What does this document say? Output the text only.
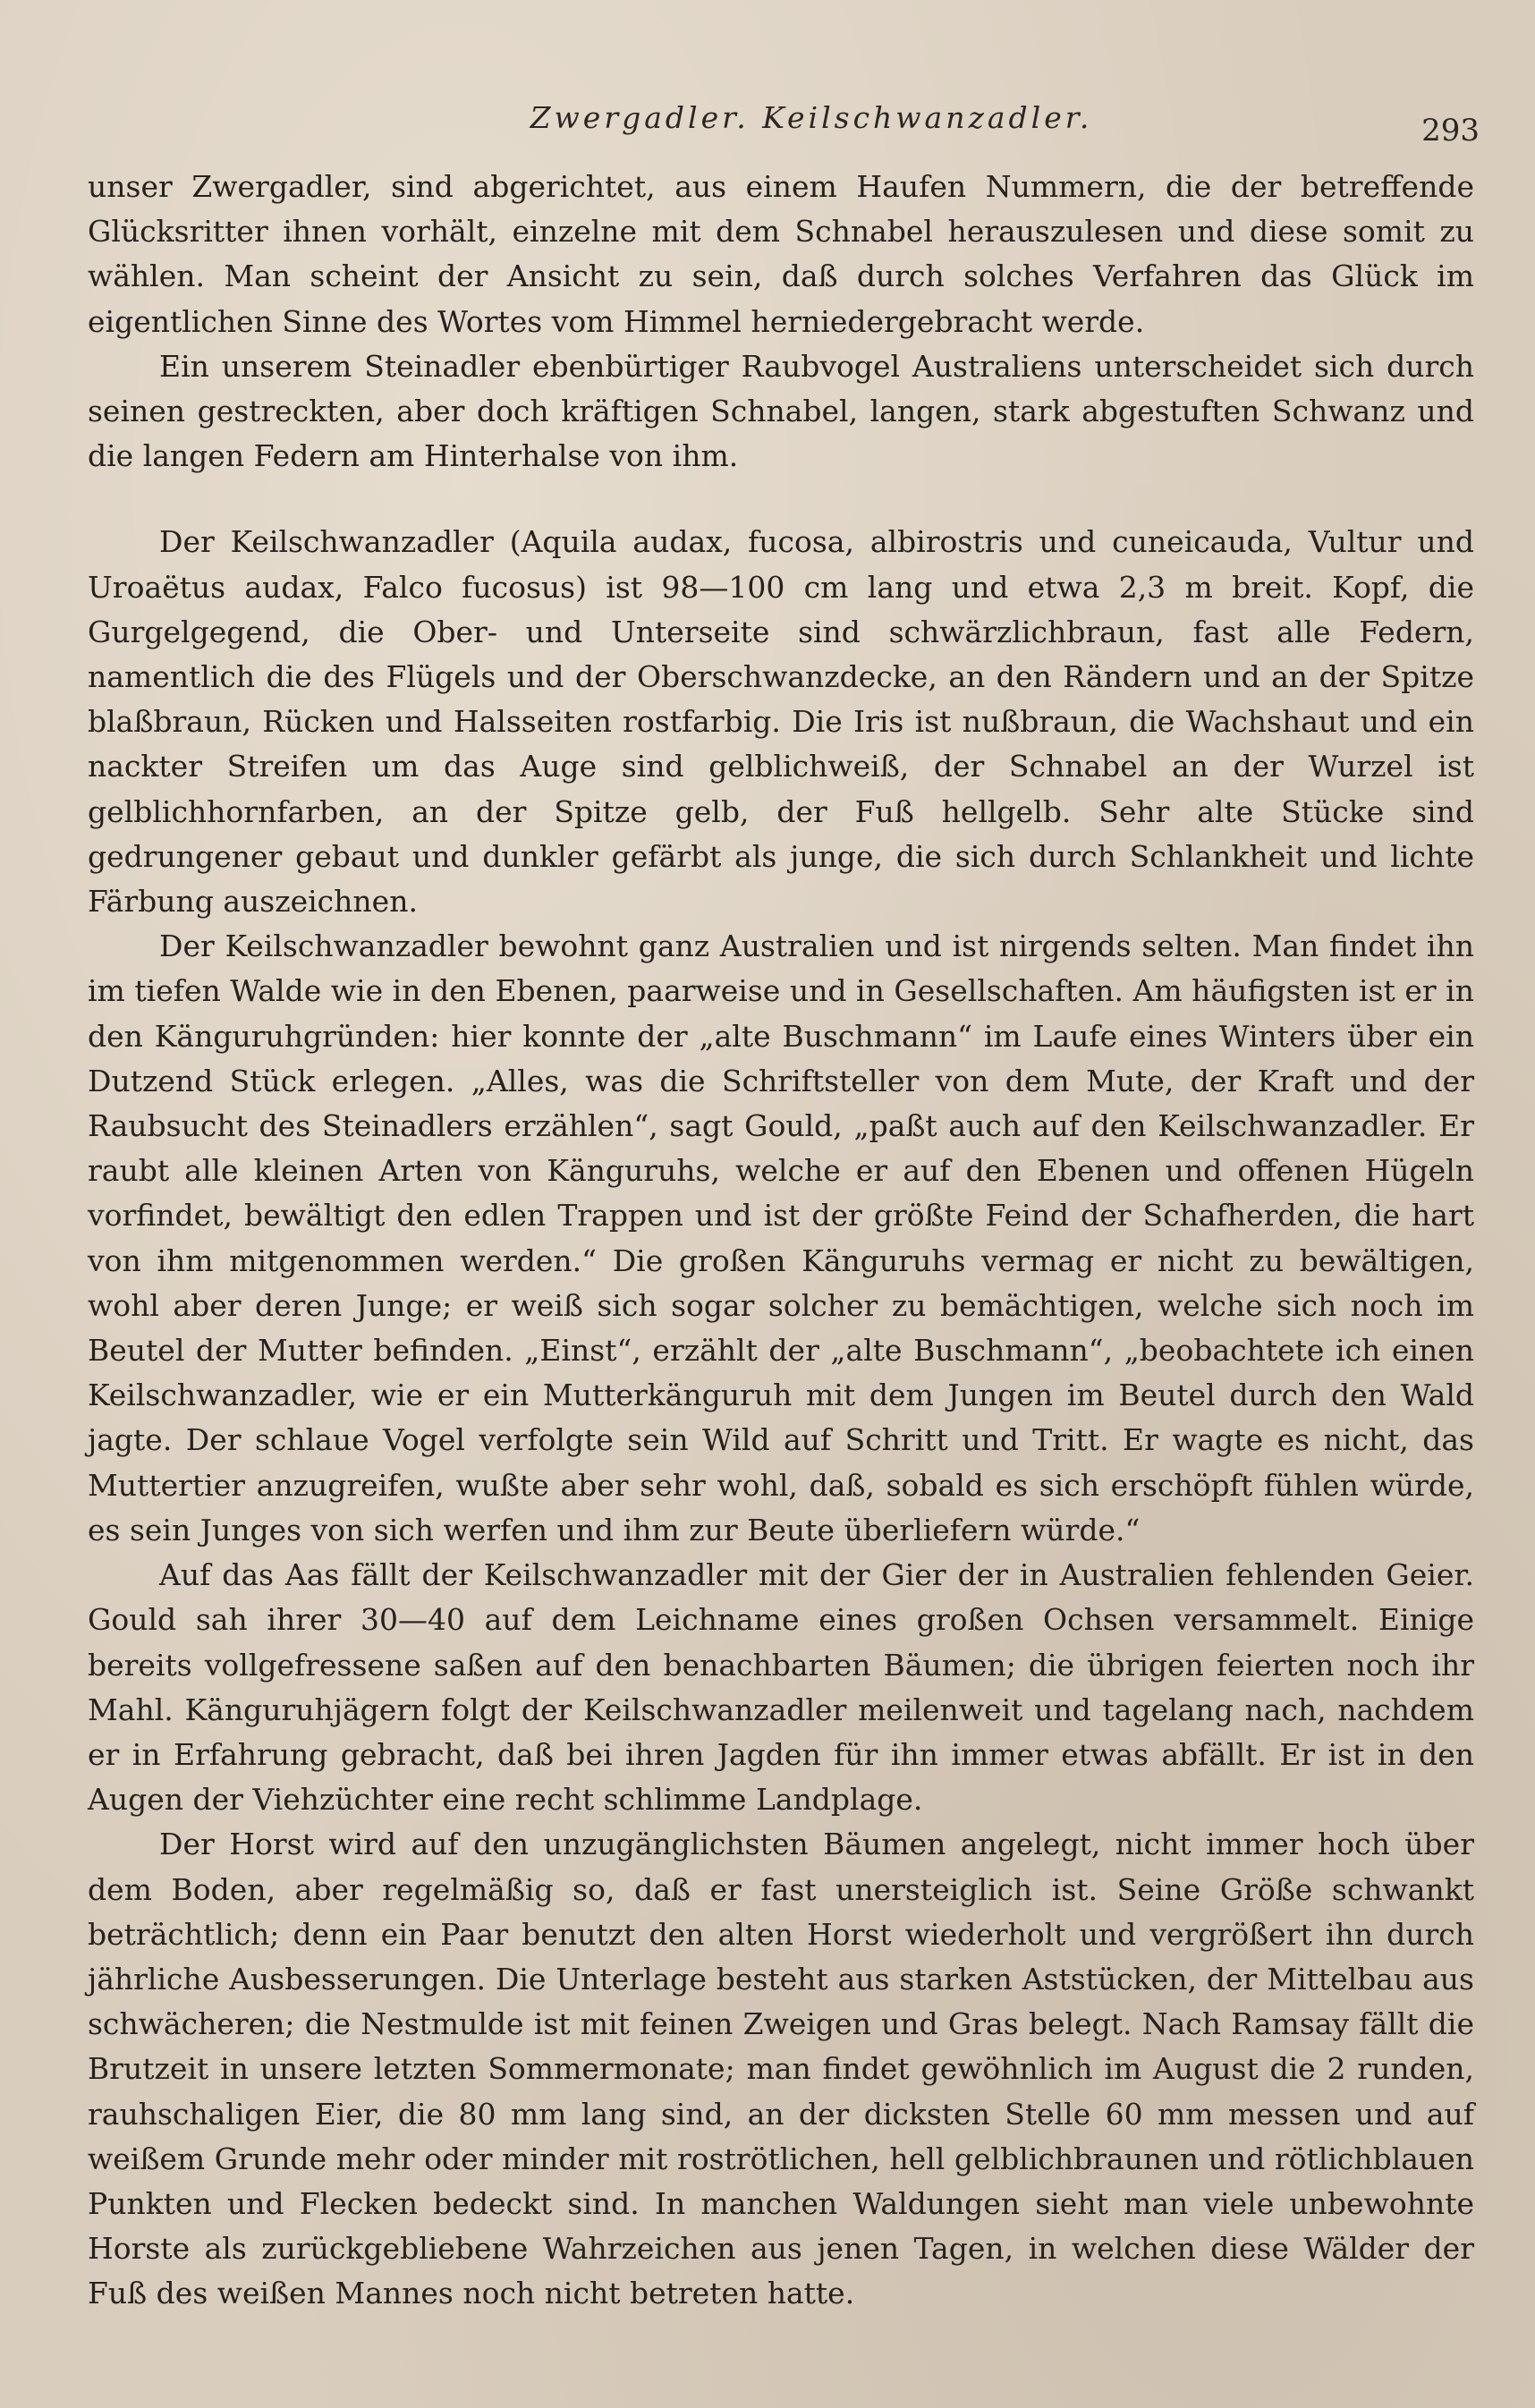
Zwergadler. Keilschwanzadler.	293

unser Zwergadler, sind abgerichtet, aus einem Haufen Nummern, die der betreffende Glücksritter ihnen vorhält, einzelne mit dem Schnabel herauszulesen und diese somit zu wählen. Man scheint der Ansicht zu sein, daß durch solches Verfahren das Glück im eigentlichen Sinne des Wortes vom Himmel herniedergebracht werde.

Ein unserem Steinadler ebenbürtiger Raubvogel Australiens unterscheidet sich durch seinen gestreckten, aber doch kräftigen Schnabel, langen, stark abgestuften Schwanz und die langen Federn am Hinterhalse von ihm.

Der Keilschwanzadler (Aquila audax, fucosa, albirostris und cuneicauda, Vultur und Uroaëtus audax, Falco fucosus) ist 98—100 cm lang und etwa 2,3 m breit. Kopf, die Gurgelgegend, die Ober- und Unterseite sind schwärzlichbraun, fast alle Federn, namentlich die des Flügels und der Oberschwanzdecke, an den Rändern und an der Spitze blaßbraun, Rücken und Halsseiten rostfarbig. Die Iris ist nußbraun, die Wachshaut und ein nackter Streifen um das Auge sind gelblichweiß, der Schnabel an der Wurzel ist gelblichhornfarben, an der Spitze gelb, der Fuß hellgelb. Sehr alte Stücke sind gedrungener gebaut und dunkler gefärbt als junge, die sich durch Schlankheit und lichte Färbung auszeichnen.

Der Keilschwanzadler bewohnt ganz Australien und ist nirgends selten. Man findet ihn im tiefen Walde wie in den Ebenen, paarweise und in Gesellschaften. Am häufigsten ist er in den Känguruhgründen: hier konnte der „alte Buschmann“ im Laufe eines Winters über ein Dutzend Stück erlegen. „Alles, was die Schriftsteller von dem Mute, der Kraft und der Raubsucht des Steinadlers erzählen“, sagt Gould, „paßt auch auf den Keilschwanzadler. Er raubt alle kleinen Arten von Känguruhs, welche er auf den Ebenen und offenen Hügeln vorfindet, bewältigt den edlen Trappen und ist der größte Feind der Schafherden, die hart von ihm mitgenommen werden.“ Die großen Känguruhs vermag er nicht zu bewältigen, wohl aber deren Junge; er weiß sich sogar solcher zu bemächtigen, welche sich noch im Beutel der Mutter befinden. „Einst“, erzählt der „alte Buschmann“, „beobachtete ich einen Keilschwanzadler, wie er ein Mutterkänguruh mit dem Jungen im Beutel durch den Wald jagte. Der schlaue Vogel verfolgte sein Wild auf Schritt und Tritt. Er wagte es nicht, das Muttertier anzugreifen, wußte aber sehr wohl, daß, sobald es sich erschöpft fühlen würde, es sein Junges von sich werfen und ihm zur Beute überliefern würde.“

Auf das Aas fällt der Keilschwanzadler mit der Gier der in Australien fehlenden Geier. Gould sah ihrer 30—40 auf dem Leichname eines großen Ochsen versammelt. Einige bereits vollgefressene saßen auf den benachbarten Bäumen; die übrigen feierten noch ihr Mahl. Känguruhjägern folgt der Keilschwanzadler meilenweit und tagelang nach, nachdem er in Erfahrung gebracht, daß bei ihren Jagden für ihn immer etwas abfällt. Er ist in den Augen der Viehzüchter eine recht schlimme Landplage.

Der Horst wird auf den unzugänglichsten Bäumen angelegt, nicht immer hoch über dem Boden, aber regelmäßig so, daß er fast unersteiglich ist. Seine Größe schwankt beträchtlich; denn ein Paar benutzt den alten Horst wiederholt und vergrößert ihn durch jährliche Ausbesserungen. Die Unterlage besteht aus starken Aststücken, der Mittelbau aus schwächeren; die Nestmulde ist mit feinen Zweigen und Gras belegt. Nach Ramsay fällt die Brutzeit in unsere letzten Sommermonate; man findet gewöhnlich im August die 2 runden, rauhschaligen Eier, die 80 mm lang sind, an der dicksten Stelle 60 mm messen und auf weißem Grunde mehr oder minder mit roströtlichen, hell gelblichbraunen und rötlichblauen Punkten und Flecken bedeckt sind. In manchen Waldungen sieht man viele unbewohnte Horste als zurückgebliebene Wahrzeichen aus jenen Tagen, in welchen diese Wälder der Fuß des weißen Mannes noch nicht betreten hatte.
